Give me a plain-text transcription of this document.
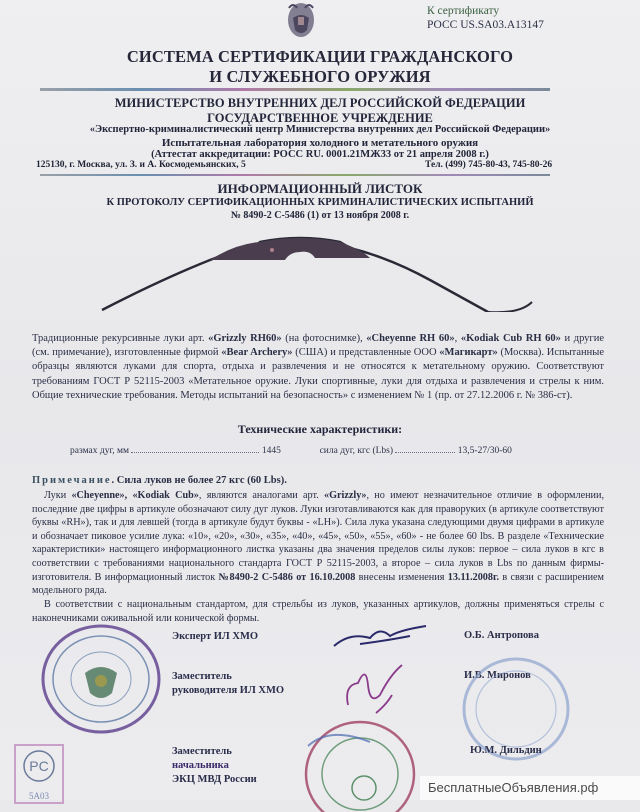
К сертификату
РОСС US.SA03.A13147
СИСТЕМА СЕРТИФИКАЦИИ ГРАЖДАНСКОГО
И СЛУЖЕБНОГО ОРУЖИЯ
МИНИСТЕРСТВО ВНУТРЕННИХ ДЕЛ РОССИЙСКОЙ ФЕДЕРАЦИИ
ГОСУДАРСТВЕННОЕ УЧРЕЖДЕНИЕ
«Экспертно-криминалистический центр Министерства внутренних дел Российской Федерации»
Испытательная лаборатория холодного и метательного оружия
(Аттестат аккредитации: РОСС RU. 0001.21МЖ33 от 21 апреля 2008 г.)
125130, г. Москва, ул. З. и А. Космодемьянских, 5	Тел. (499) 745-80-43, 745-80-26
ИНФОРМАЦИОННЫЙ ЛИСТОК
К ПРОТОКОЛУ СЕРТИФИКАЦИОННЫХ КРИМИНАЛИСТИЧЕСКИХ ИСПЫТАНИЙ
№ 8490-2 С-5486 (1) от 13 ноября 2008 г.
Традиционные рекурсивные луки арт. «Grizzly RH60» (на фотоснимке), «Cheyenne RH 60», «Kodiak Cub RH 60» и другие (см. примечание), изготовленные фирмой «Bear Archery» (США) и представленные ООО «Магикарт» (Москва). Испытанные образцы являются луками для спорта, отдыха и развлечения и не относятся к метательному оружию. Соответствуют требованиям ГОСТ Р 52115-2003 «Метательное оружие. Луки спортивные, луки для отдыха и развлечения и стрелы к ним. Общие технические требования. Методы испытаний на безопасность» с изменением № 1 (пр. от 27.12.2006 г. № 386-ст).
Технические характеристики:
размах дуг, мм	1445	сила дуг, кгс (Lbs)	13,5-27/30-60
Примечание. Сила луков не более 27 кгс (60 Lbs).
Луки «Cheyenne», «Kodiak Cub», являются аналогами арт. «Grizzly», но имеют незначительное отличие в оформлении, последние две цифры в артикуле обозначают силу дуг луков. Луки изготавливаются как для праворуких (в артикуле соответствуют буквы «RH»), так и для левшей (тогда в артикуле будут буквы - «LH»). Сила лука указана следующими двумя цифрами в артикуле и обозначает пиковое усилие лука: «10», «20», «30», «35», «40», «45», «50», «55», «60» - не более 60 lbs. В разделе «Технические характеристики» настоящего информационного листка указаны два значения пределов силы луков: первое – сила луков в кгс в соответствии с требованиями национального стандарта ГОСТ Р 52115-2003, а второе – сила луков в Lbs по данным фирмы-изготовителя. В информационный листок №8490-2 С-5486 от 16.10.2008 внесены изменения 13.11.2008г. в связи с расширением модельного ряда.
В соответствии с национальным стандартом, для стрельбы из луков, указанных артикулов, должны применяться стрелы с наконечниками оживальной или конической формы.
PC
5А03
Эксперт ИЛ ХМО	О.Б. Антропова
Заместитель
руководителя ИЛ ХМО
И.В. Миронов
Заместитель
начальника
ЭКЦ МВД России
Ю.М. Дильдин
БесплатныеОбъявления.рф
